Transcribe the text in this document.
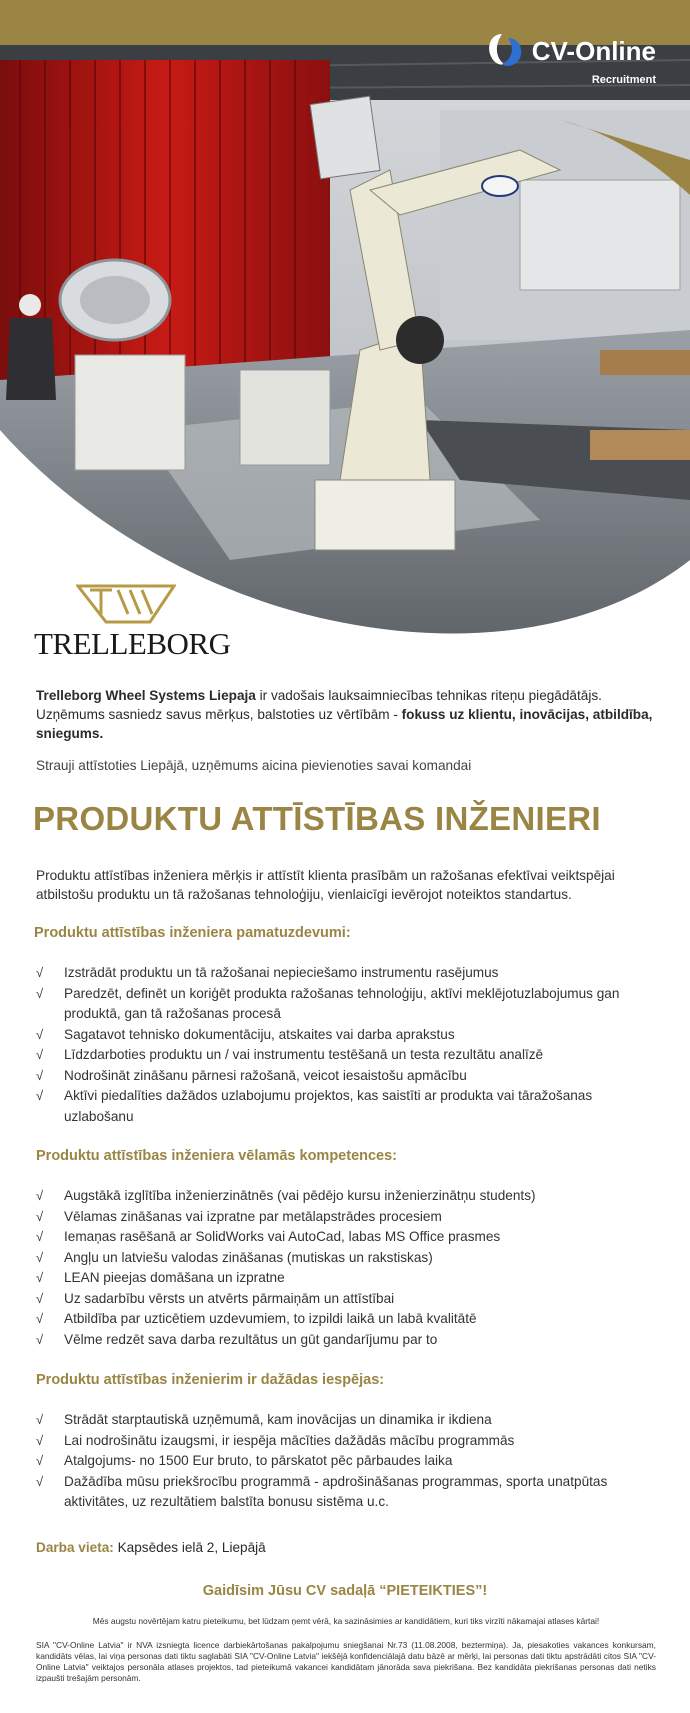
CV-Online
Recruitment
TRELLEBORG
Trelleborg Wheel Systems Liepaja ir vadošais lauksaimniecības tehnikas riteņu piegādātājs. Uzņēmums sasniedz savus mērķus, balstoties uz vērtībām - fokuss uz klientu, inovācijas, atbildība, sniegums.
Strauji attīstoties Liepājā, uzņēmums aicina pievienoties savai komandai
PRODUKTU ATTĪSTĪBAS INŽENIERI
Produktu attīstības inženiera mērķis ir attīstīt klienta prasībām un ražošanas efektīvai veiktspējai atbilstošu produktu un tā ražošanas tehnoloģiju, vienlaicīgi ievērojot noteiktos standartus.
Produktu attīstības inženiera pamatuzdevumi:
√ Izstrādāt produktu un tā ražošanai nepieciešamo instrumentu rasējumus
√ Paredzēt, definēt un koriģēt produkta ražošanas tehnoloģiju, aktīvi meklējotuzlabojumus gan produktā, gan tā ražošanas procesā
√ Sagatavot tehnisko dokumentāciju, atskaites vai darba aprakstus
√ Līdzdarboties produktu un / vai instrumentu testēšanā un testa rezultātu analīzē
√ Nodrošināt zināšanu pārnesi ražošanā, veicot iesaistošu apmācību
√ Aktīvi piedalīties dažādos uzlabojumu projektos, kas saistīti ar produkta vai tāražošanas uzlabošanu
Produktu attīstības inženiera vēlamās kompetences:
√ Augstākā izglītība inženierzinātnēs (vai pēdējo kursu inženierzinātņu students)
√ Vēlamas zināšanas vai izpratne par metālapstrādes procesiem
√ Iemaņas rasēšanā ar SolidWorks vai AutoCad, labas MS Office prasmes
√ Angļu un latviešu valodas zināšanas (mutiskas un rakstiskas)
√ LEAN pieejas domāšana un izpratne
√ Uz sadarbību vērsts un atvērts pārmaiņām un attīstībai
√ Atbildība par uzticētiem uzdevumiem, to izpildi laikā un labā kvalitātē
√ Vēlme redzēt sava darba rezultātus un gūt gandarījumu par to
Produktu attīstības inženierim ir dažādas iespējas:
√ Strādāt starptautiskā uzņēmumā, kam inovācijas un dinamika ir ikdiena
√ Lai nodrošinātu izaugsmi, ir iespēja mācīties dažādās mācību programmās
√ Atalgojums- no 1500 Eur bruto, to pārskatot pēc pārbaudes laika
√ Dažādība mūsu priekšrocību programmā - apdrošināšanas programmas, sporta unatpūtas aktivitātes, uz rezultātiem balstīta bonusu sistēma u.c.
Darba vieta: Kapsēdes ielā 2, Liepājā
Gaidīsim Jūsu CV sadaļā “PIETEIKTIES”!
Mēs augstu novērtējam katru pieteikumu, bet lūdzam ņemt vērā, ka sazināsimies ar kandidātiem, kuri tiks virzīti nākamajai atlases kārtai!
SIA "CV-Online Latvia" ir NVA izsniegta licence darbiekārtošanas pakalpojumu sniegšanai Nr.73 (11.08.2008, beztermiņa). Ja, piesakoties vakances konkursam, kandidāts vēlas, lai viņa personas dati tiktu saglabāti SIA "CV-Online Latvia" iekšējā konfidenciālajā datu bāzē ar mērķi, lai personas dati tiktu apstrādāti citos SIA "CV-Online Latvia" veiktajos personāla atlases projektos, tad pieteikumā vakancei kandidātam jānorāda sava piekrišana. Bez kandidāta piekrišanas personas dati netiks izpaušti trešajām personām.
